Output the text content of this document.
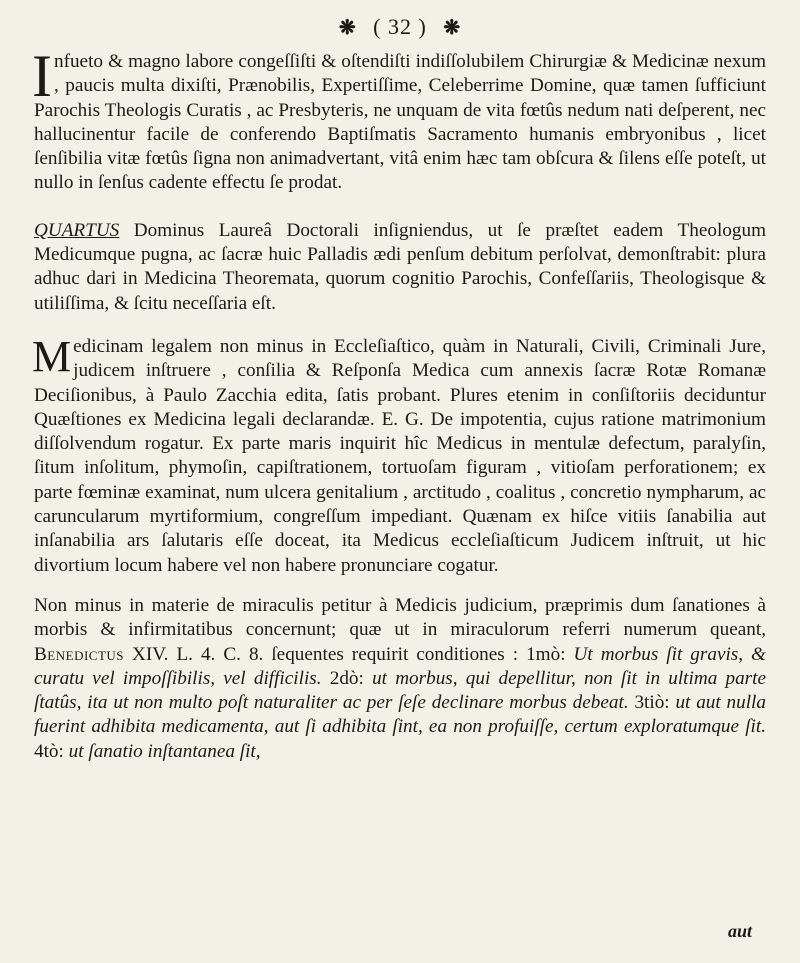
❋ ( 32 ) ❋

Infueto & magno labore congeſſiſti & oſtendiſti indiſſolubilem Chirurgiæ & Medicinæ nexum , paucis multa dixiſti, Prænobilis, Expertiſſime, Celeberrime Domine, quæ tamen ſufficiunt Parochis Theologis Curatis , ac Presbyteris, ne unquam de vita fœtûs nedum nati deſperent, nec hallucinentur facile de conferendo Baptiſmatis Sacramento humanis embryonibus , licet ſenſibilia vitæ fœtûs ſigna non animadvertant, vitâ enim hæc tam obſcura & ſilens eſſe poteſt, ut nullo in ſenſus cadente effectu ſe prodat.

QUARTUS Dominus Laureâ Doctorali inſigniendus, ut ſe præſtet eadem Theologum Medicumque pugna, ac ſacræ huic Palladis ædi penſum debitum perſolvat, demonſtrabit: plura adhuc dari in Medicina Theoremata, quorum cognitio Parochis, Confeſſariis, Theologisque & utiliſſima, & ſcitu neceſſaria eſt.

Medicinam legalem non minus in Eccleſiaſtico, quàm in Naturali, Civili, Criminali Jure, judicem inſtruere , conſilia & Reſponſa Medica cum annexis ſacræ Rotæ Romanæ Deciſionibus, à Paulo Zacchia edita, ſatis probant. Plures etenim in conſiſtoriis deciduntur Quæſtiones ex Medicina legali declarandæ. E. G. De impotentia, cujus ratione matrimonium diſſolvendum rogatur. Ex parte maris inquirit hîc Medicus in mentulæ defectum, paralyſin, ſitum inſolitum, phymoſin, capiſtrationem, tortuoſam figuram , vitioſam perforationem; ex parte fœminæ examinat, num ulcera genitalium , arctitudo , coalitus , concretio nympharum, ac caruncularum myrtiformium, congreſſum impediant. Quænam ex hiſce vitiis ſanabilia aut inſanabilia ars ſalutaris eſſe doceat, ita Medicus eccleſiaſticum Judicem inſtruit, ut hic divortium locum habere vel non habere pronunciare cogatur.

Non minus in materie de miraculis petitur à Medicis judicium, præprimis dum ſanationes à morbis & infirmitatibus concernunt; quæ ut in miraculorum referri numerum queant, Benedictus XIV. L. 4. C. 8. ſequentes requirit conditiones : 1mò: Ut morbus ſit gravis, & curatu vel impoſſibilis, vel difficilis. 2dò: ut morbus, qui depellitur, non ſit in ultima parte ſtatûs, ita ut non multo poſt naturaliter ac per ſeſe declinare morbus debeat. 3tiò: ut aut nulla fuerint adhibita medicamenta, aut ſi adhibita ſint, ea non profuiſſe, certum exploratumque ſit. 4tò: ut ſanatio inſtantanea ſit,

aut
